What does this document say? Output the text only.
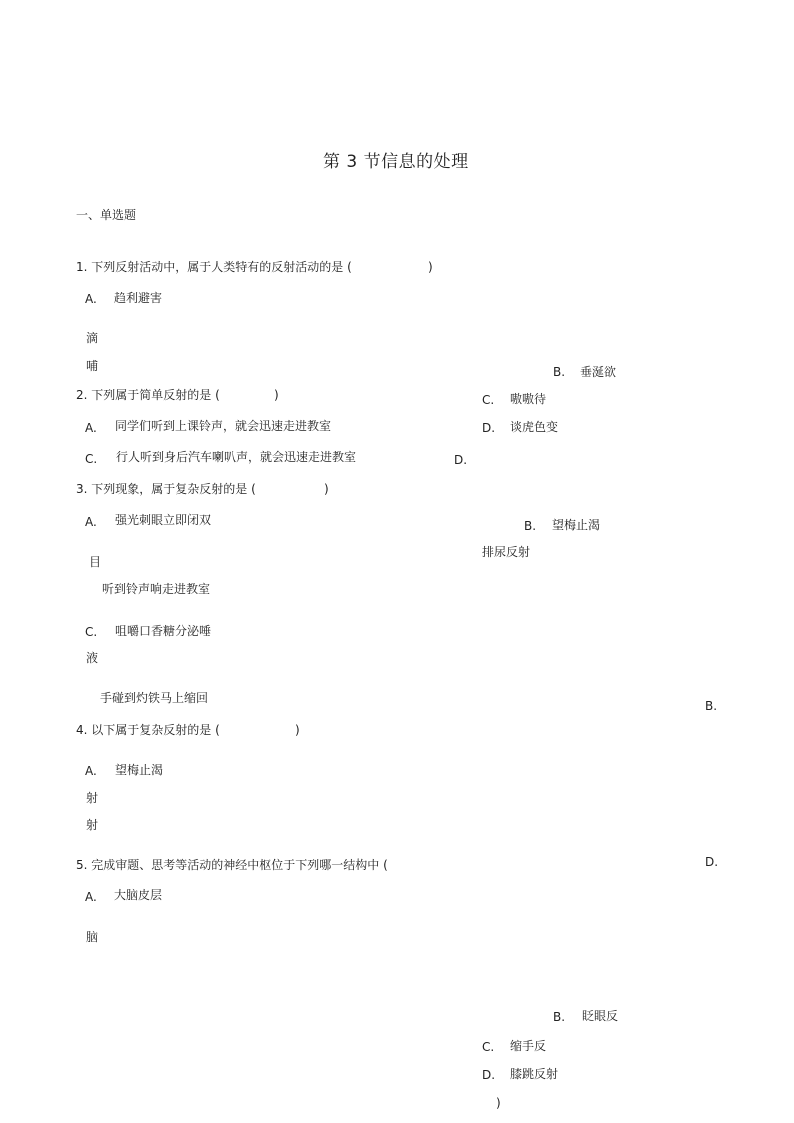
第 3 节信息的处理
一、单选题
1. 下列反射活动中，属于人类特有的反射活动的是 (	)
A. 趋利避害
滴
哺	B. 垂涎欲
C. 嗷嗷待
D. 谈虎色变
2. 下列属于简单反射的是 (	)
A. 同学们听到上课铃声，就会迅速走进教室
C. 行人听到身后汽车喇叭声，就会迅速走进教室	D.
3. 下列现象，属于复杂反射的是 (	)
A. 强光刺眼立即闭双	B. 望梅止渴
排尿反射
目
听到铃声响走进教室
C. 咀嚼口香糖分泌唾
液
手碰到灼铁马上缩回
B.
4. 以下属于复杂反射的是 (	)
A. 望梅止渴
射
射
5. 完成审题、思考等活动的神经中枢位于下列哪一结构中 (	D.
A. 大脑皮层
脑
B. 眨眼反
C. 缩手反
D. 膝跳反射
)
